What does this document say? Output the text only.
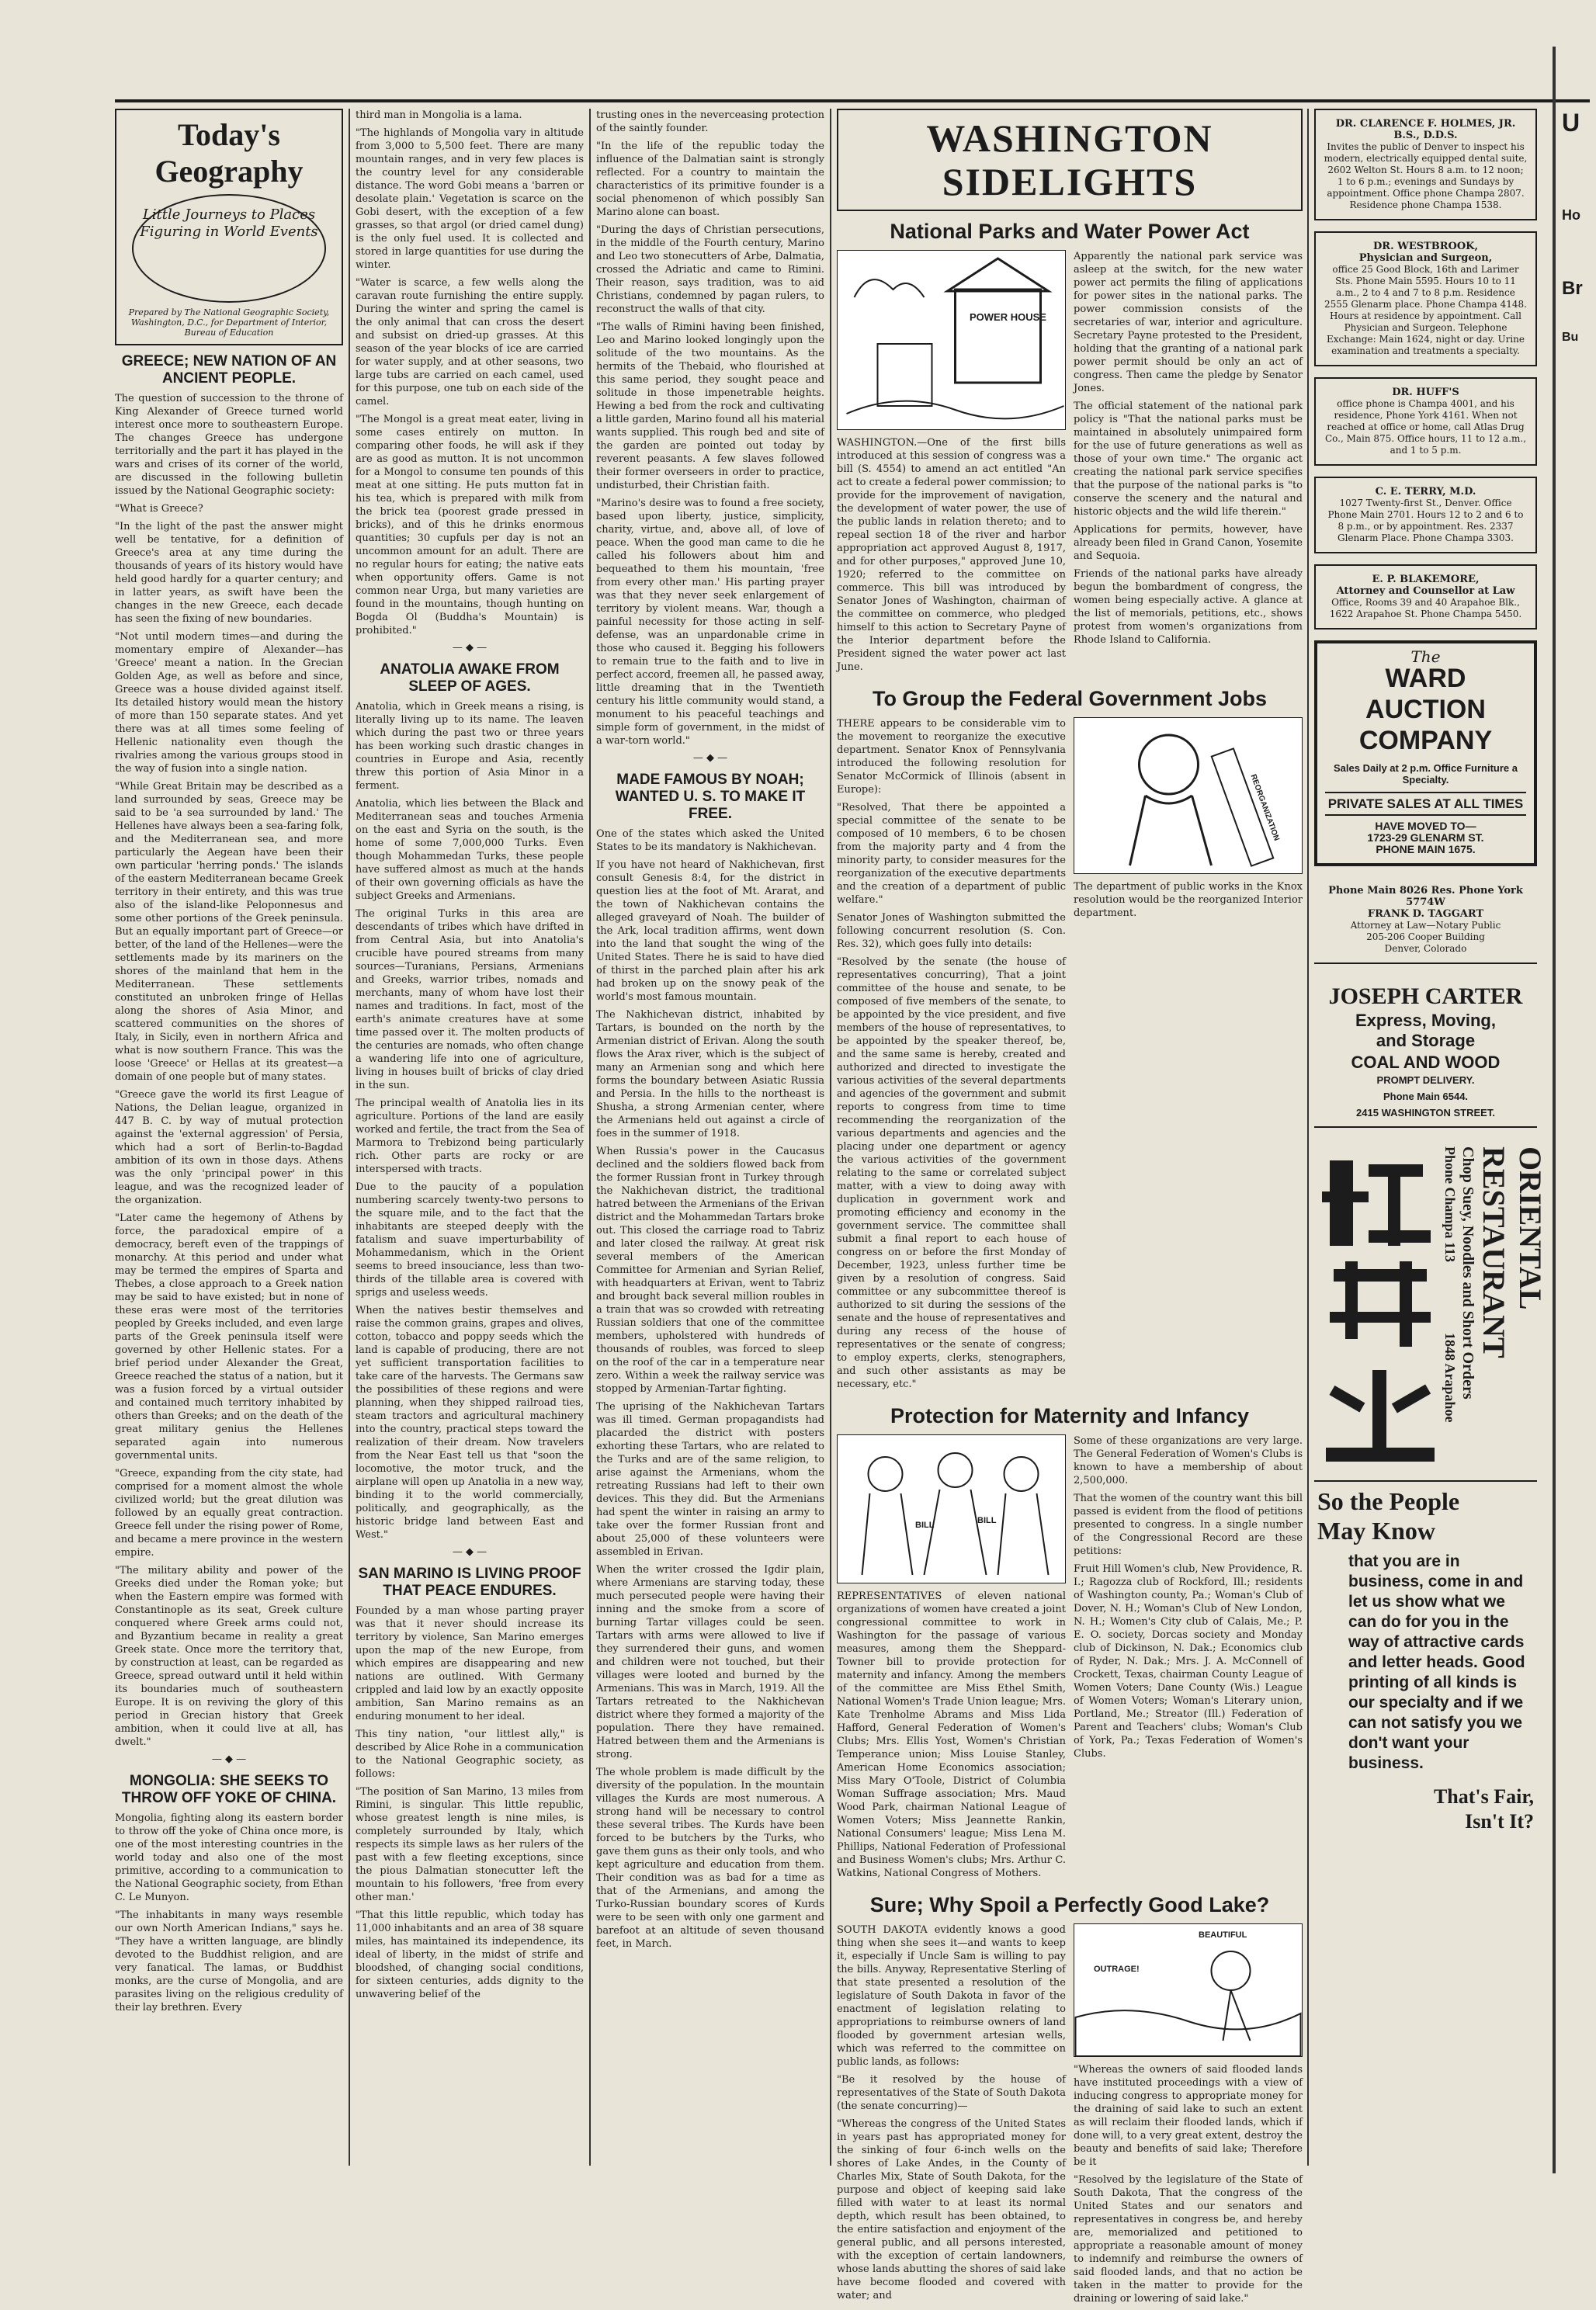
Today's Geography
Little Journeys to Places Figuring in World Events
Prepared by The National Geographic Society, Washington, D.C., for Department of Interior, Bureau of Education
GREECE; NEW NATION OF AN ANCIENT PEOPLE.

The question of succession to the throne of King Alexander of Greece turned world interest once more to southeastern Europe. The changes Greece has undergone territorially and the part it has played in the wars and crises of its corner of the world, are discussed in the following bulletin issued by the National Geographic society:

"What is Greece?

"In the light of the past the answer might well be tentative, for a definition of Greece's area at any time during the thousands of years of its history would have held good hardly for a quarter century; and in latter years, as swift have been the changes in the new Greece, each decade has seen the fixing of new boundaries.

"Not until modern times—and during the momentary empire of Alexander—has 'Greece' meant a nation. In the Grecian Golden Age, as well as before and since, Greece was a house divided against itself. Its detailed history would mean the history of more than 150 separate states. And yet there was at all times some feeling of Hellenic nationality even though the rivalries among the various groups stood in the way of fusion into a single nation.

"While Great Britain may be described as a land surrounded by seas, Greece may be said to be 'a sea surrounded by land.' The Hellenes have always been a sea-faring folk, and the Mediterranean sea, and more particularly the Aegean have been their own particular 'herring ponds.' The islands of the eastern Mediterranean became Greek territory in their entirety, and this was true also of the island-like Peloponnesus and some other portions of the Greek peninsula. But an equally important part of Greece—or better, of the land of the Hellenes—were the settlements made by its mariners on the shores of the mainland that hem in the Mediterranean. These settlements constituted an unbroken fringe of Hellas along the shores of Asia Minor, and scattered communities on the shores of Italy, in Sicily, even in northern Africa and what is now southern France. This was the loose 'Greece' or Hellas at its greatest—a domain of one people but of many states.

"Greece gave the world its first League of Nations, the Delian league, organized in 447 B. C. by way of mutual protection against the 'external aggression' of Persia, which had a sort of Berlin-to-Bagdad ambition of its own in those days. Athens was the only 'principal power' in this league, and was the recognized leader of the organization.

"Later came the hegemony of Athens by force, the paradoxical empire of a democracy, bereft even of the trappings of monarchy. At this period and under what may be termed the empires of Sparta and Thebes, a close approach to a Greek nation may be said to have existed; but in none of these eras were most of the territories peopled by Greeks included, and even large parts of the Greek peninsula itself were governed by other Hellenic states. For a brief period under Alexander the Great, Greece reached the status of a nation, but it was a fusion forced by a virtual outsider and contained much territory inhabited by others than Greeks; and on the death of the great military genius the Hellenes separated again into numerous governmental units.

"Greece, expanding from the city state, had comprised for a moment almost the whole civilized world; but the great dilution was followed by an equally great contraction. Greece fell under the rising power of Rome, and became a mere province in the western empire.

"The military ability and power of the Greeks died under the Roman yoke; but when the Eastern empire was formed with Constantinople as its seat, Greek culture conquered where Greek arms could not, and Byzantium became in reality a great Greek state. Once more the territory that, by construction at least, can be regarded as Greece, spread outward until it held within its boundaries much of southeastern Europe. It is on reviving the glory of this period in Grecian history that Greek ambition, when it could live at all, has dwelt."

— ◆ —
MONGOLIA: SHE SEEKS TO THROW OFF YOKE OF CHINA.

Mongolia, fighting along its eastern border to throw off the yoke of China once more, is one of the most interesting countries in the world today and also one of the most primitive, according to a communication to the National Geographic society, from Ethan C. Le Munyon.

"The inhabitants in many ways resemble our own North American Indians," says he. "They have a written language, are blindly devoted to the Buddhist religion, and are very fanatical. The lamas, or Buddhist monks, are the curse of Mongolia, and are parasites living on the religious credulity of their lay brethren. Every

third man in Mongolia is a lama.

"The highlands of Mongolia vary in altitude from 3,000 to 5,500 feet. There are many mountain ranges, and in very few places is the country level for any considerable distance. The word Gobi means a 'barren or desolate plain.' Vegetation is scarce on the Gobi desert, with the exception of a few grasses, so that argol (or dried camel dung) is the only fuel used. It is collected and stored in large quantities for use during the winter.

"Water is scarce, a few wells along the caravan route furnishing the entire supply. During the winter and spring the camel is the only animal that can cross the desert and subsist on dried-up grasses. At this season of the year blocks of ice are carried for water supply, and at other seasons, two large tubs are carried on each camel, used for this purpose, one tub on each side of the camel.

"The Mongol is a great meat eater, living in some cases entirely on mutton. In comparing other foods, he will ask if they are as good as mutton. It is not uncommon for a Mongol to consume ten pounds of this meat at one sitting. He puts mutton fat in his tea, which is prepared with milk from the brick tea (poorest grade pressed in bricks), and of this he drinks enormous quantities; 30 cupfuls per day is not an uncommon amount for an adult. There are no regular hours for eating; the native eats when opportunity offers. Game is not common near Urga, but many varieties are found in the mountains, though hunting on Bogda Ol (Buddha's Mountain) is prohibited."

— ◆ —
ANATOLIA AWAKE FROM SLEEP OF AGES.

Anatolia, which in Greek means a rising, is literally living up to its name. The leaven which during the past two or three years has been working such drastic changes in countries in Europe and Asia, recently threw this portion of Asia Minor in a ferment.

Anatolia, which lies between the Black and Mediterranean seas and touches Armenia on the east and Syria on the south, is the home of some 7,000,000 Turks. Even though Mohammedan Turks, these people have suffered almost as much at the hands of their own governing officials as have the subject Greeks and Armenians.

The original Turks in this area are descendants of tribes which have drifted in from Central Asia, but into Anatolia's crucible have poured streams from many sources—Turanians, Persians, Armenians and Greeks, warrior tribes, nomads and merchants, many of whom have lost their names and traditions. In fact, most of the earth's animate creatures have at some time passed over it. The molten products of the centuries are nomads, who often change a wandering life into one of agriculture, living in houses built of bricks of clay dried in the sun.

The principal wealth of Anatolia lies in its agriculture. Portions of the land are easily worked and fertile, the tract from the Sea of Marmora to Trebizond being particularly rich. Other parts are rocky or are interspersed with tracts.

Due to the paucity of a population numbering scarcely twenty-two persons to the square mile, and to the fact that the inhabitants are steeped deeply with the fatalism and suave imperturbability of Mohammedanism, which in the Orient seems to breed insouciance, less than two-thirds of the tillable area is covered with sprigs and useless weeds.

When the natives bestir themselves and raise the common grains, grapes and olives, cotton, tobacco and poppy seeds which the land is capable of producing, there are not yet sufficient transportation facilities to take care of the harvests. The Germans saw the possibilities of these regions and were planning, when they shipped railroad ties, steam tractors and agricultural machinery into the country, practical steps toward the realization of their dream. Now travelers from the Near East tell us that "soon the locomotive, the motor truck, and the airplane will open up Anatolia in a new way, binding it to the world commercially, politically, and geographically, as the historic bridge land between East and West."

— ◆ —
SAN MARINO IS LIVING PROOF THAT PEACE ENDURES.

Founded by a man whose parting prayer was that it never should increase its territory by violence, San Marino emerges upon the map of the new Europe, from which empires are disappearing and new nations are outlined. With Germany crippled and laid low by an exactly opposite ambition, San Marino remains as an enduring monument to her ideal.

This tiny nation, "our littlest ally," is described by Alice Rohe in a communication to the National Geographic society, as follows:

"The position of San Marino, 13 miles from Rimini, is singular. This little republic, whose greatest length is nine miles, is completely surrounded by Italy, which respects its simple laws as her rulers of the past with a few fleeting exceptions, since the pious Dalmatian stonecutter left the mountain to his followers, 'free from every other man.'

"That this little republic, which today has 11,000 inhabitants and an area of 38 square miles, has maintained its independence, its ideal of liberty, in the midst of strife and bloodshed, of changing social conditions, for sixteen centuries, adds dignity to the unwavering belief of the

trusting ones in the neverceasing protection of the saintly founder.

"In the life of the republic today the influence of the Dalmatian saint is strongly reflected. For a country to maintain the characteristics of its primitive founder is a social phenomenon of which possibly San Marino alone can boast.

"During the days of Christian persecutions, in the middle of the Fourth century, Marino and Leo two stonecutters of Arbe, Dalmatia, crossed the Adriatic and came to Rimini. Their reason, says tradition, was to aid Christians, condemned by pagan rulers, to reconstruct the walls of that city.

"The walls of Rimini having been finished, Leo and Marino looked longingly upon the solitude of the two mountains. As the hermits of the Thebaid, who flourished at this same period, they sought peace and solitude in those impenetrable heights. Hewing a bed from the rock and cultivating a little garden, Marino found all his material wants supplied. This rough bed and site of the garden are pointed out today by reverent peasants. A few slaves followed their former overseers in order to practice, undisturbed, their Christian faith.

"Marino's desire was to found a free society, based upon liberty, justice, simplicity, charity, virtue, and, above all, of love of peace. When the good man came to die he called his followers about him and bequeathed to them his mountain, 'free from every other man.' His parting prayer was that they never seek enlargement of territory by violent means. War, though a painful necessity for those acting in self-defense, was an unpardonable crime in those who caused it. Begging his followers to remain true to the faith and to live in perfect accord, freemen all, he passed away, little dreaming that in the Twentieth century his little community would stand, a monument to his peaceful teachings and simple form of government, in the midst of a war-torn world."

— ◆ —
MADE FAMOUS BY NOAH; WANTED U. S. TO MAKE IT FREE.

One of the states which asked the United States to be its mandatory is Nakhichevan.

If you have not heard of Nakhichevan, first consult Genesis 8:4, for the district in question lies at the foot of Mt. Ararat, and the town of Nakhichevan contains the alleged graveyard of Noah. The builder of the Ark, local tradition affirms, went down into the land that sought the wing of the United States. There he is said to have died of thirst in the parched plain after his ark had broken up on the snowy peak of the world's most famous mountain.

The Nakhichevan district, inhabited by Tartars, is bounded on the north by the Armenian district of Erivan. Along the south flows the Arax river, which is the subject of many an Armenian song and which here forms the boundary between Asiatic Russia and Persia. In the hills to the northeast is Shusha, a strong Armenian center, where the Armenians held out against a circle of foes in the summer of 1918.

When Russia's power in the Caucasus declined and the soldiers flowed back from the former Russian front in Turkey through the Nakhichevan district, the traditional hatred between the Armenians of the Erivan district and the Mohammedan Tartars broke out. This closed the carriage road to Tabriz and later closed the railway. At great risk several members of the American Committee for Armenian and Syrian Relief, with headquarters at Erivan, went to Tabriz and brought back several million roubles in a train that was so crowded with retreating Russian soldiers that one of the committee members, upholstered with hundreds of thousands of roubles, was forced to sleep on the roof of the car in a temperature near zero. Within a week the railway service was stopped by Armenian-Tartar fighting.

The uprising of the Nakhichevan Tartars was ill timed. German propagandists had placarded the district with posters exhorting these Tartars, who are related to the Turks and are of the same religion, to arise against the Armenians, whom the retreating Russians had left to their own devices. This they did. But the Armenians had spent the winter in raising an army to take over the former Russian front and about 25,000 of these volunteers were assembled in Erivan.

When the writer crossed the Igdir plain, where Armenians are starving today, these much persecuted people were having their inning and the smoke from a score of burning Tartar villages could be seen. Tartars with arms were allowed to live if they surrendered their guns, and women and children were not touched, but their villages were looted and burned by the Armenians. This was in March, 1919. All the Tartars retreated to the Nakhichevan district where they formed a majority of the population. There they have remained. Hatred between them and the Armenians is strong.

The whole problem is made difficult by the diversity of the population. In the mountain villages the Kurds are most numerous. A strong hand will be necessary to control these several tribes. The Kurds have been forced to be butchers by the Turks, who gave them guns as their only tools, and who kept agriculture and education from them. Their condition was as bad for a time as that of the Armenians, and among the Turko-Russian boundary scores of Kurds were to be seen with only one garment and barefoot at an altitude of seven thousand feet, in March.

WASHINGTON SIDELIGHTS
National Parks and Water Power Act
POWER HOUSE

WASHINGTON.—One of the first bills introduced at this session of congress was a bill (S. 4554) to amend an act entitled "An act to create a federal power commission; to provide for the improvement of navigation, the development of water power, the use of the public lands in relation thereto; and to repeal section 18 of the river and harbor appropriation act approved August 8, 1917, and for other purposes," approved June 10, 1920; referred to the committee on commerce. This bill was introduced by Senator Jones of Washington, chairman of the committee on commerce, who pledged himself to this action to Secretary Payne of the Interior department before the President signed the water power act last June.

Apparently the national park service was asleep at the switch, for the new water power act permits the filing of applications for power sites in the national parks. The power commission consists of the secretaries of war, interior and agriculture. Secretary Payne protested to the President, holding that the granting of a national park power permit should be only an act of congress. Then came the pledge by Senator Jones.

The official statement of the national park policy is "That the national parks must be maintained in absolutely unimpaired form for the use of future generations as well as those of your own time." The organic act creating the national park service specifies that the purpose of the national parks is "to conserve the scenery and the natural and historic objects and the wild life therein."

Applications for permits, however, have already been filed in Grand Canon, Yosemite and Sequoia.

Friends of the national parks have already begun the bombardment of congress, the women being especially active. A glance at the list of memorials, petitions, etc., shows protest from women's organizations from Rhode Island to California.

To Group the Federal Government Jobs

THERE appears to be considerable vim to the movement to reorganize the executive department. Senator Knox of Pennsylvania introduced the following resolution for Senator McCormick of Illinois (absent in Europe):

"Resolved, That there be appointed a special committee of the senate to be composed of 10 members, 6 to be chosen from the majority party and 4 from the minority party, to consider measures for the reorganization of the executive departments and the creation of a department of public welfare."

Senator Jones of Washington submitted the following concurrent resolution (S. Con. Res. 32), which goes fully into details:

"Resolved by the senate (the house of representatives concurring), That a joint committee of the house and senate, to be composed of five members of the senate, to be appointed by the vice president, and five members of the house of representatives, to be appointed by the speaker thereof, be, and the same same is hereby, created and authorized and directed to investigate the various activities of the several departments and agencies of the government and submit reports to congress from time to time recommending the reorganization of the various departments and agencies and the placing under one department or agency the various activities of the government relating to the same or correlated subject matter, with a view to doing away with duplication in government work and promoting efficiency and economy in the government service. The committee shall submit a final report to each house of congress on or before the first Monday of December, 1923, unless further time be given by a resolution of congress. Said committee or any subcommittee thereof is authorized to sit during the sessions of the senate and the house of representatives and during any recess of the house of representatives or the senate of congress; to employ experts, clerks, stenographers, and such other assistants as may be necessary, etc."

REORGANIZATION

The department of public works in the Knox resolution would be the reorganized Interior department.

Protection for Maternity and Infancy
BILL	BILL

REPRESENTATIVES of eleven national organizations of women have created a joint congressional committee to work in Washington for the passage of various measures, among them the Sheppard-Towner bill to provide protection for maternity and infancy. Among the members of the committee are Miss Ethel Smith, National Women's Trade Union league; Mrs. Kate Trenholme Abrams and Miss Lida Hafford, General Federation of Women's Clubs; Mrs. Ellis Yost, Women's Christian Temperance union; Miss Louise Stanley, American Home Economics association; Miss Mary O'Toole, District of Columbia Woman Suffrage association; Mrs. Maud Wood Park, chairman National League of Women Voters; Miss Jeannette Rankin, National Consumers' league; Miss Lena M. Phillips, National Federation of Professional and Business Women's clubs; Mrs. Arthur C. Watkins, National Congress of Mothers.

Some of these organizations are very large. The General Federation of Women's Clubs is known to have a membership of about 2,500,000.

That the women of the country want this bill passed is evident from the flood of petitions presented to congress. In a single number of the Congressional Record are these petitions:

Fruit Hill Women's club, New Providence, R. I.; Ragozza club of Rockford, Ill.; residents of Washington county, Pa.; Woman's Club of Dover, N. H.; Woman's Club of New London, N. H.; Women's City club of Calais, Me.; P. E. O. society, Dorcas society and Monday club of Dickinson, N. Dak.; Economics club of Ryder, N. Dak.; Mrs. J. A. McConnell of Crockett, Texas, chairman County League of Women Voters; Dane County (Wis.) League of Women Voters; Woman's Literary union, Portland, Me.; Streator (Ill.) Federation of Parent and Teachers' clubs; Woman's Club of York, Pa.; Texas Federation of Women's Clubs.

Sure; Why Spoil a Perfectly Good Lake?

SOUTH DAKOTA evidently knows a good thing when she sees it—and wants to keep it, especially if Uncle Sam is willing to pay the bills. Anyway, Representative Sterling of that state presented a resolution of the legislature of South Dakota in favor of the enactment of legislation relating to appropriations to reimburse owners of land flooded by government artesian wells, which was referred to the committee on public lands, as follows:

"Be it resolved by the house of representatives of the State of South Dakota (the senate concurring)—

"Whereas the congress of the United States in years past has appropriated money for the sinking of four 6-inch wells on the shores of Lake Andes, in the County of Charles Mix, State of South Dakota, for the purpose and object of keeping said lake filled with water to at least its normal depth, which result has been obtained, to the entire satisfaction and enjoyment of the general public, and all persons interested, with the exception of certain landowners, whose lands abutting the shores of said lake have become flooded and covered with water; and

BEAUTIFUL
OUTRAGE!

"Whereas the owners of said flooded lands have instituted proceedings with a view of inducing congress to appropriate money for the draining of said lake to such an extent as will reclaim their flooded lands, which if done will, to a very great extent, destroy the beauty and benefits of said lake; Therefore be it

"Resolved by the legislature of the State of South Dakota, That the congress of the United States and our senators and representatives in congress be, and hereby are, memorialized and petitioned to appropriate a reasonable amount of money to indemnify and reimburse the owners of said flooded lands, and that no action be taken in the matter to provide for the draining or lowering of said lake."

DR. CLARENCE F. HOLMES, JR.
B.S., D.D.S.
Invites the public of Denver to inspect his modern, electrically equipped dental suite, 2602 Welton St. Hours 8 a.m. to 12 noon; 1 to 6 p.m.; evenings and Sundays by appointment. Office phone Champa 2807. Residence phone Champa 1538.
DR. WESTBROOK,
Physician and Surgeon,
office 25 Good Block, 16th and Larimer Sts. Phone Main 5595. Hours 10 to 11 a.m., 2 to 4 and 7 to 8 p.m. Residence 2555 Glenarm place. Phone Champa 4148. Hours at residence by appointment. Call Physician and Surgeon. Telephone Exchange: Main 1624, night or day. Urine examination and treatments a specialty.
DR. HUFF'S
office phone is Champa 4001, and his residence, Phone York 4161. When not reached at office or home, call Atlas Drug Co., Main 875. Office hours, 11 to 12 a.m., and 1 to 5 p.m.
C. E. TERRY, M.D.
1027 Twenty-first St., Denver. Office Phone Main 2701. Hours 12 to 2 and 6 to 8 p.m., or by appointment. Res. 2337 Glenarm Place. Phone Champa 3303.
E. P. BLAKEMORE,
Attorney and Counsellor at Law
Office, Rooms 39 and 40 Arapahoe Blk., 1622 Arapahoe St. Phone Champa 5450.
The
WARD AUCTION
COMPANY
Sales Daily at 2 p.m. Office Furniture a Specialty.
PRIVATE SALES AT ALL TIMES
HAVE MOVED TO—
1723-29 GLENARM ST.
PHONE MAIN 1675.
Phone Main 8026 Res. Phone York 5774W
FRANK D. TAGGART
Attorney at Law—Notary Public
205-206 Cooper Building
Denver, Colorado
JOSEPH CARTER
Express, Moving,
and Storage
COAL AND WOOD
PROMPT DELIVERY.
Phone Main 6544.
2415 WASHINGTON STREET.
ORIENTAL RESTAURANT
Chop Suey, Noodles and Short Orders
Phone Champa 113
1848 Arapahoe
So the People
May Know
that you are in business, come in and let us show what we can do for you in the way of attractive cards and letter heads. Good printing of all kinds is our specialty and if we can not satisfy you we don't want your business.
That's Fair,
Isn't It?
U
Ho
Br
Bu
